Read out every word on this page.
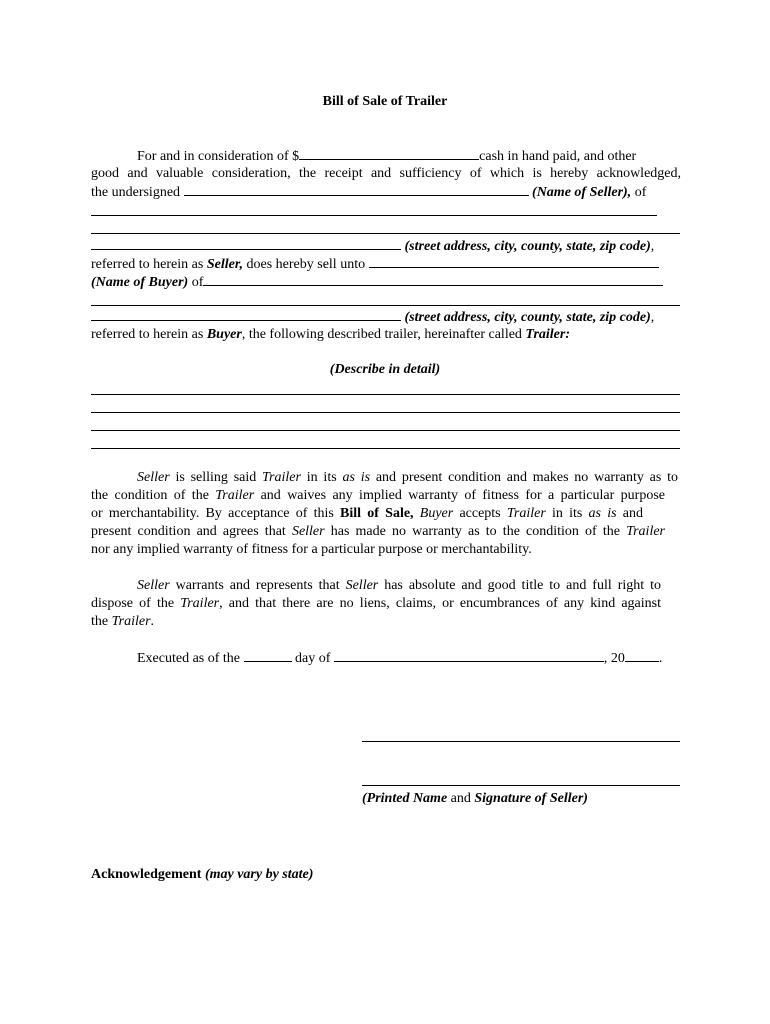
Bill of Sale of Trailer
For and in consideration of $	cash in hand paid, and other
good and valuable consideration, the receipt and sufficiency of which is hereby acknowledged,
the undersigned	(Name of Seller), of
(street address, city, county, state, zip code),
referred to herein as Seller, does hereby sell unto
(Name of Buyer) of
(street address, city, county, state, zip code),
referred to herein as Buyer, the following described trailer, hereinafter called Trailer:
(Describe in detail)
Seller is selling said Trailer in its as is and present condition and makes no warranty as to
the condition of the Trailer and waives any implied warranty of fitness for a particular purpose
or merchantability. By acceptance of this Bill of Sale, Buyer accepts Trailer in its as is and
present condition and agrees that Seller has made no warranty as to the condition of the Trailer
nor any implied warranty of fitness for a particular purpose or merchantability.
Seller warrants and represents that Seller has absolute and good title to and full right to
dispose of the Trailer, and that there are no liens, claims, or encumbrances of any kind against
the Trailer.
Executed as of the	day of	, 20 .
(Printed Name and Signature of Seller)
Acknowledgement (may vary by state)
